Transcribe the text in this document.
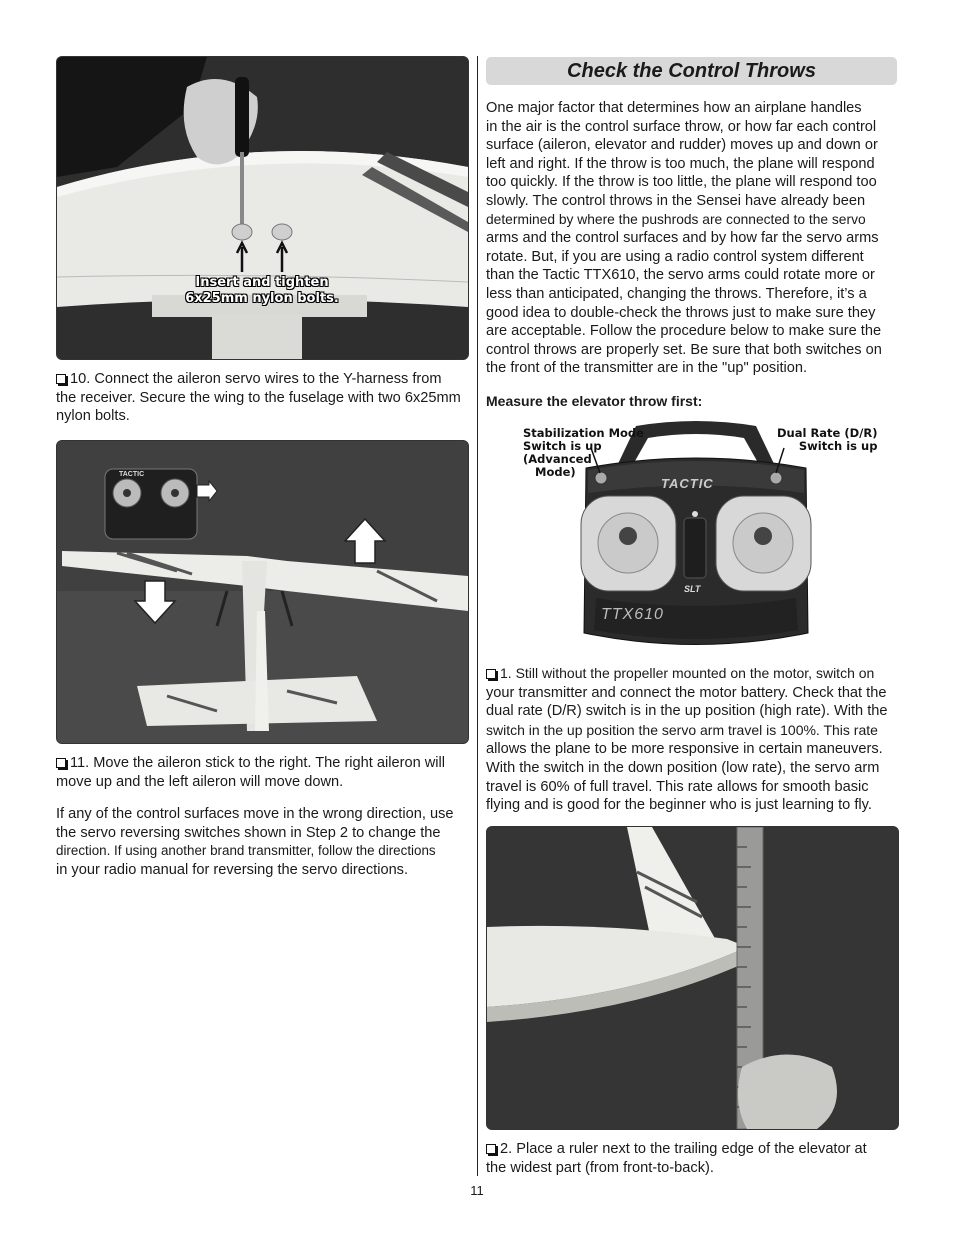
Insert and tighten
6x25mm nylon bolts.

10. Connect the aileron servo wires to the Y-harness from
the receiver. Secure the wing to the fuselage with two 6x25mm
nylon bolts.

TACTIC

11. Move the aileron stick to the right. The right aileron will
move up and the left aileron will move down.

If any of the control surfaces move in the wrong direction, use
the servo reversing switches shown in Step 2 to change the
direction. If using another brand transmitter, follow the directions
in your radio manual for reversing the servo directions.

Check the Control Throws

One major factor that determines how an airplane handles
in the air is the control surface throw, or how far each control
surface (aileron, elevator and rudder) moves up and down or
left and right. If the throw is too much, the plane will respond
too quickly. If the throw is too little, the plane will respond too
slowly. The control throws in the Sensei have already been
determined by where the pushrods are connected to the servo
arms and the control surfaces and by how far the servo arms
rotate. But, if you are using a radio control system different
than the Tactic TTX610, the servo arms could rotate more or
less than anticipated, changing the throws. Therefore, it’s a
good idea to double-check the throws just to make sure they
are acceptable. Follow the procedure below to make sure the
control throws are properly set. Be sure that both switches on
the front of the transmitter are in the "up" position.

Measure the elevator throw first:
TACTIC
SLT
TTX610
Stabilization Mode
Switch is up
(Advanced
Mode)
Dual Rate (D/R)
Switch is up

1. Still without the propeller mounted on the motor, switch on
your transmitter and connect the motor battery. Check that the
dual rate (D/R) switch is in the up position (high rate). With the
switch in the up position the servo arm travel is 100%. This rate
allows the plane to be more responsive in certain maneuvers.
With the switch in the down position (low rate), the servo arm
travel is 60% of full travel. This rate allows for smooth basic
flying and is good for the beginner who is just learning to fly.

2. Place a ruler next to the trailing edge of the elevator at
the widest part (from front-to-back).

11
